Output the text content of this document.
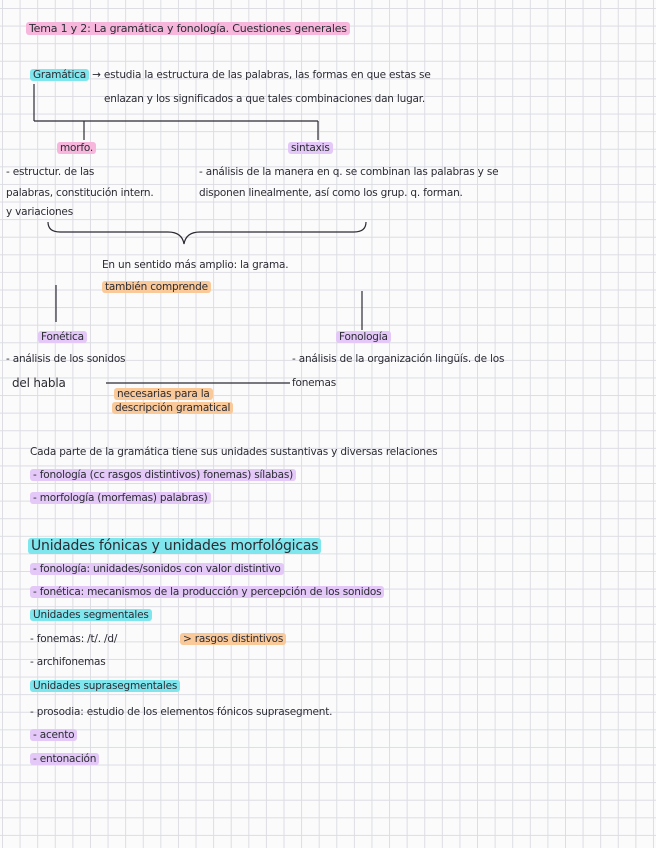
Tema 1 y 2: La gramática y fonología. Cuestiones generales
Gramática → estudia la estructura de las palabras, las formas en que estas se
enlazan y los significados a que tales combinaciones dan lugar.
morfo.	sintaxis
- estructur. de las
palabras, constitución intern.
y variaciones
- análisis de la manera en q. se combinan las palabras y se
disponen linealmente, así como los grup. q. forman.
En un sentido más amplio: la grama.
también comprende
Fonética	Fonología
- análisis de los sonidos
del habla
- análisis de la organización lingüís. de los
fonemas
necesarias para la
descripción gramatical
Cada parte de la gramática tiene sus unidades sustantivas y diversas relaciones
- fonología (cc rasgos distintivos) fonemas) sílabas)
- morfología (morfemas) palabras)
Unidades fónicas y unidades morfológicas
- fonología: unidades/sonidos con valor distintivo
- fonética: mecanismos de la producción y percepción de los sonidos
Unidades segmentales
- fonemas: /t/. /d/	> rasgos distintivos
- archifonemas
Unidades suprasegmentales
- prosodia: estudio de los elementos fónicos suprasegment.
- acento
- entonación
